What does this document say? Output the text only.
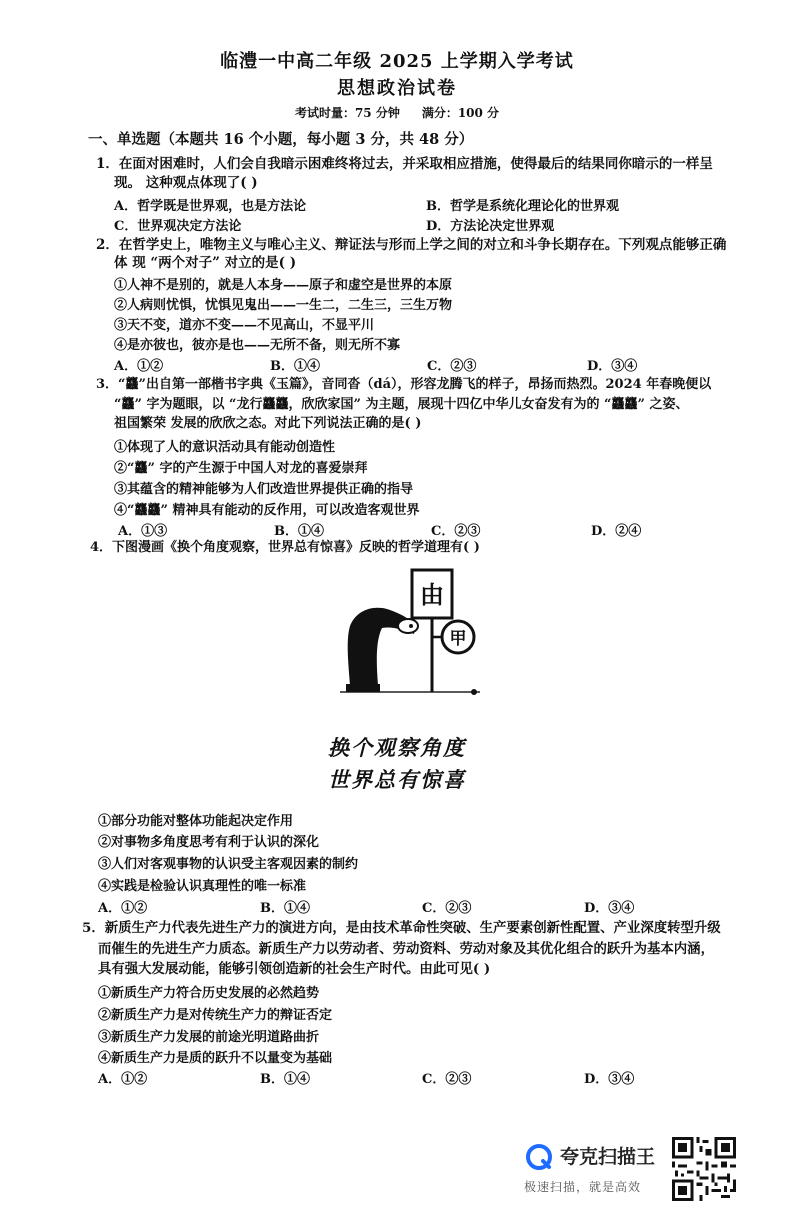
临澧一中高二年级 2025 上学期入学考试
思想政治试卷
考试时量：75 分钟 满分：100 分
一、单选题（本题共 16 个小题，每小题 3 分，共 48 分）
1．在面对困难时，人们会自我暗示困难终将过去，并采取相应措施，使得最后的结果同你暗示的一样呈
现。 这种观点体现了( )
A．哲学既是世界观，也是方法论	B．哲学是系统化理论化的世界观
C．世界观决定方法论	D．方法论决定世界观
2．在哲学史上，唯物主义与唯心主义、辩证法与形而上学之间的对立和斗争长期存在。下列观点能够正确
体 现 “两个对子” 对立的是( )
①人神不是别的，就是人本身——原子和虚空是世界的本原
②人病则忧惧，忧惧见鬼出——一生二，二生三，三生万物
③天不变，道亦不变——不见高山，不显平川
④是亦彼也，彼亦是也——无所不备，则无所不寡
A．①②	B．①④	C．②③	D．③④
3．“龘”出自第一部楷书字典《玉篇》，音同沓（dá），形容龙腾飞的样子，昂扬而热烈。2024 年春晚便以
“龘” 字为题眼，以 “龙行龘龘，欣欣家国” 为主题，展现十四亿中华儿女奋发有为的 “龘龘” 之姿、
祖国繁荣 发展的欣欣之态。对此下列说法正确的是( )
①体现了人的意识活动具有能动创造性
②“龘” 字的产生源于中国人对龙的喜爱崇拜
③其蕴含的精神能够为人们改造世界提供正确的指导
④“龘龘” 精神具有能动的反作用，可以改造客观世界
A．①③	B．①④	C．②③	D．②④
4．下图漫画《换个角度观察，世界总有惊喜》反映的哲学道理有( )
由
甲
换个观察角度
世界总有惊喜
①部分功能对整体功能起决定作用
②对事物多角度思考有利于认识的深化
③人们对客观事物的认识受主客观因素的制约
④实践是检验认识真理性的唯一标准
A．①②	B．①④	C．②③	D．③④
5．新质生产力代表先进生产力的演进方向，是由技术革命性突破、生产要素创新性配置、产业深度转型升级
而催生的先进生产力质态。新质生产力以劳动者、劳动资料、劳动对象及其优化组合的跃升为基本内涵，
具有强大发展动能，能够引领创造新的社会生产时代。由此可见( )
①新质生产力符合历史发展的必然趋势
②新质生产力是对传统生产力的辩证否定
③新质生产力发展的前途光明道路曲折
④新质生产力是质的跃升不以量变为基础
A．①②	B．①④	C．②③	D．③④
夸克扫描王
极速扫描，就是高效
